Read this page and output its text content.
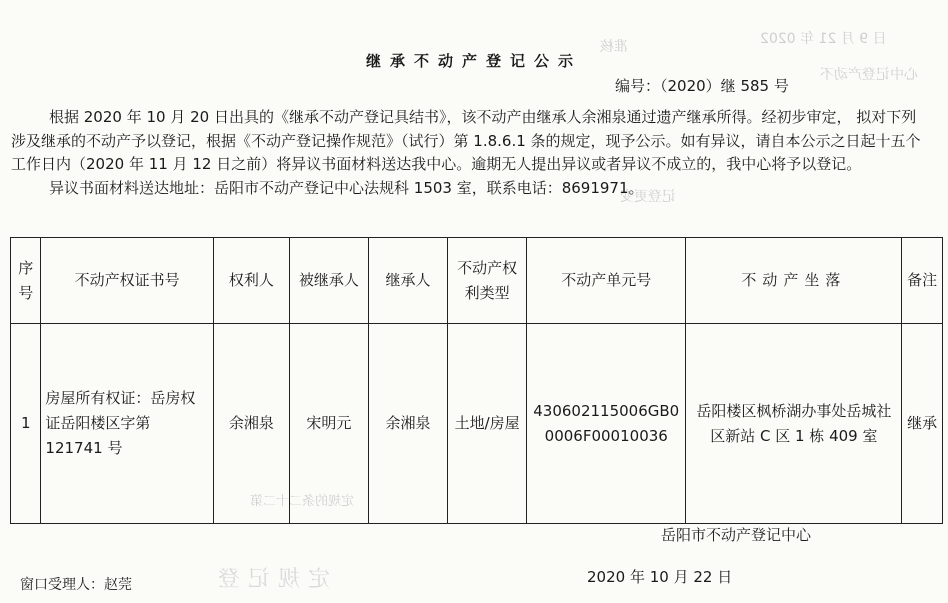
日 9 月 21 年 0202
准核
心中记登产动不
记登更变
定规的条二十二第
定规记登
继承不动产登记公示
编号：（2020）继 585 号

根据 2020 年 10 月 20 日出具的《继承不动产登记具结书》，该不动产由继承人余湘泉通过遗产继承所得。经初步审定， 拟对下列涉及继承的不动产予以登记，根据《不动产登记操作规范》（试行）第 1.8.6.1 条的规定，现予公示。如有异议，请自本公示之日起十五个工作日内（2020 年 11 月 12 日之前）将异议书面材料送达我中心。逾期无人提出异议或者异议不成立的，我中心将予以登记。

异议书面材料送达地址：岳阳市不动产登记中心法规科 1503 室，联系电话：8691971。

序号	不动产权证书号	权利人	被继承人	继承人	不动产权利类型	不动产单元号	不动产坐落	备注
1	房屋所有权证：岳房权证岳阳楼区字第 121741 号	余湘泉	宋明元	余湘泉	土地/房屋	430602115006GB00006F00010036	岳阳楼区枫桥湖办事处岳城社区新站 C 区 1 栋 409 室	继承
岳阳市不动产登记中心
窗口受理人：赵莞	2020 年 10 月 22 日
